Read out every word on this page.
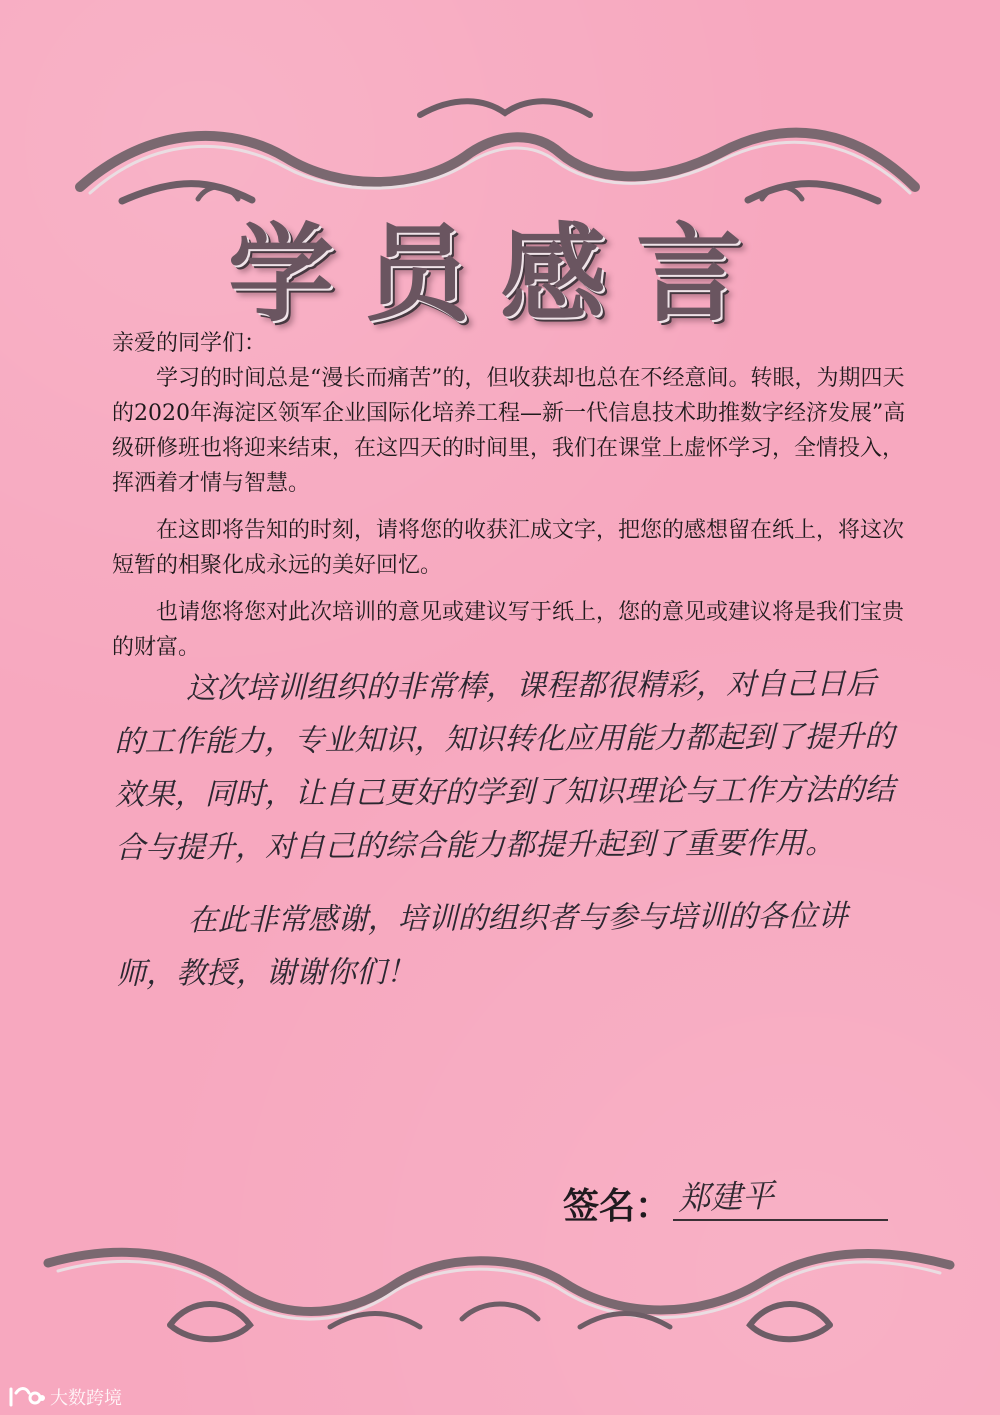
学员感言

亲爱的同学们：

学习的时间总是“漫长而痛苦”的，但收获却也总在不经意间。转眼，为期四天的2020年海淀区领军企业国际化培养工程—新一代信息技术助推数字经济发展”高级研修班也将迎来结束，在这四天的时间里，我们在课堂上虚怀学习，全情投入，挥洒着才情与智慧。

在这即将告知的时刻，请将您的收获汇成文字，把您的感想留在纸上，将这次短暂的相聚化成永远的美好回忆。

也请您将您对此次培训的意见或建议写于纸上，您的意见或建议将是我们宝贵的财富。

这次培训组织的非常棒，课程都很精彩，对自己日后的工作能力，专业知识，知识转化应用能力都起到了提升的效果，同时，让自己更好的学到了知识理论与工作方法的结合与提升，对自己的综合能力都提升起到了重要作用。

在此非常感谢，培训的组织者与参与培训的各位讲师，教授，谢谢你们！

签名： 郑建平
大数跨境
